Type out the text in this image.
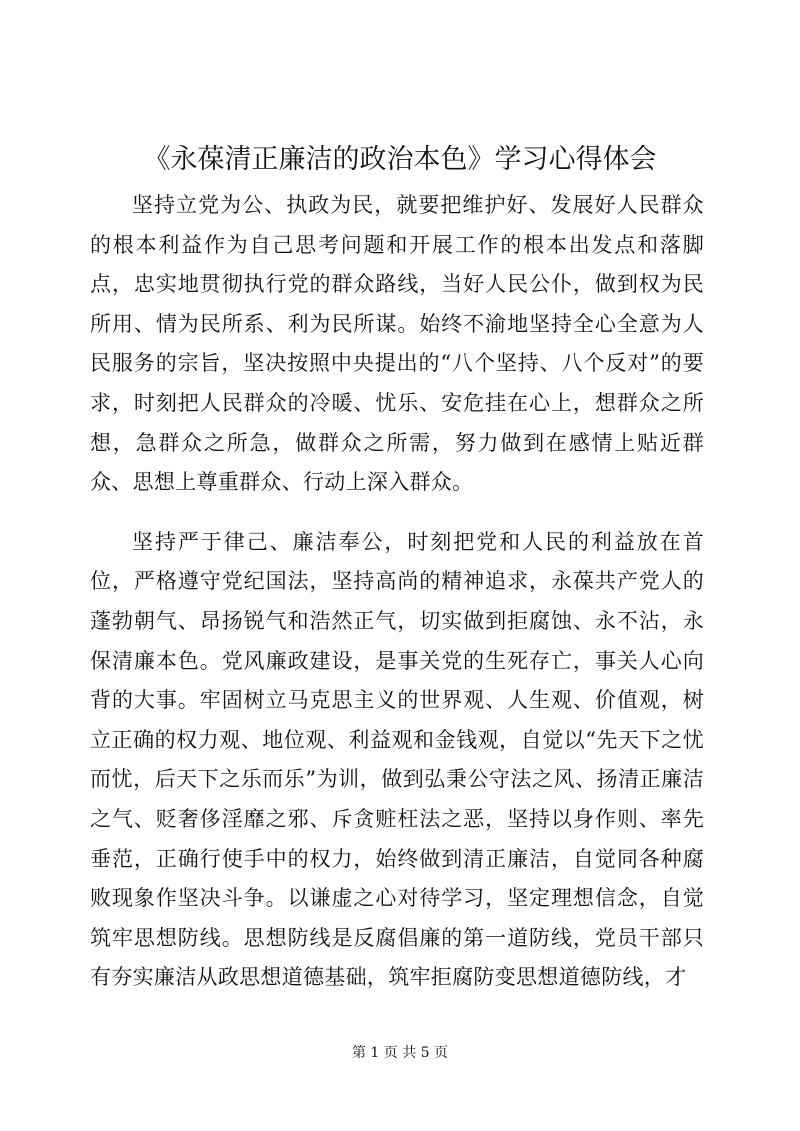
《永葆清正廉洁的政治本色》学习心得体会

坚持立党为公、执政为民，就要把维护好、发展好人民群众的根本利益作为自己思考问题和开展工作的根本出发点和落脚点，忠实地贯彻执行党的群众路线，当好人民公仆，做到权为民所用、情为民所系、利为民所谋。始终不渝地坚持全心全意为人民服务的宗旨，坚决按照中央提出的“八个坚持、八个反对”的要求，时刻把人民群众的冷暖、忧乐、安危挂在心上，想群众之所想，急群众之所急，做群众之所需，努力做到在感情上贴近群众、思想上尊重群众、行动上深入群众。

坚持严于律己、廉洁奉公，时刻把党和人民的利益放在首位，严格遵守党纪国法，坚持高尚的精神追求，永葆共产党人的蓬勃朝气、昂扬锐气和浩然正气，切实做到拒腐蚀、永不沾，永保清廉本色。党风廉政建设，是事关党的生死存亡，事关人心向背的大事。牢固树立马克思主义的世界观、人生观、价值观，树立正确的权力观、地位观、利益观和金钱观，自觉以“先天下之忧而忧，后天下之乐而乐”为训，做到弘秉公守法之风、扬清正廉洁之气、贬奢侈淫靡之邪、斥贪赃枉法之恶，坚持以身作则、率先垂范，正确行使手中的权力，始终做到清正廉洁，自觉同各种腐败现象作坚决斗争。以谦虚之心对待学习，坚定理想信念，自觉筑牢思想防线。思想防线是反腐倡廉的第一道防线，党员干部只有夯实廉洁从政思想道德基础，筑牢拒腐防变思想道德防线，才

第 1 页 共 5 页
